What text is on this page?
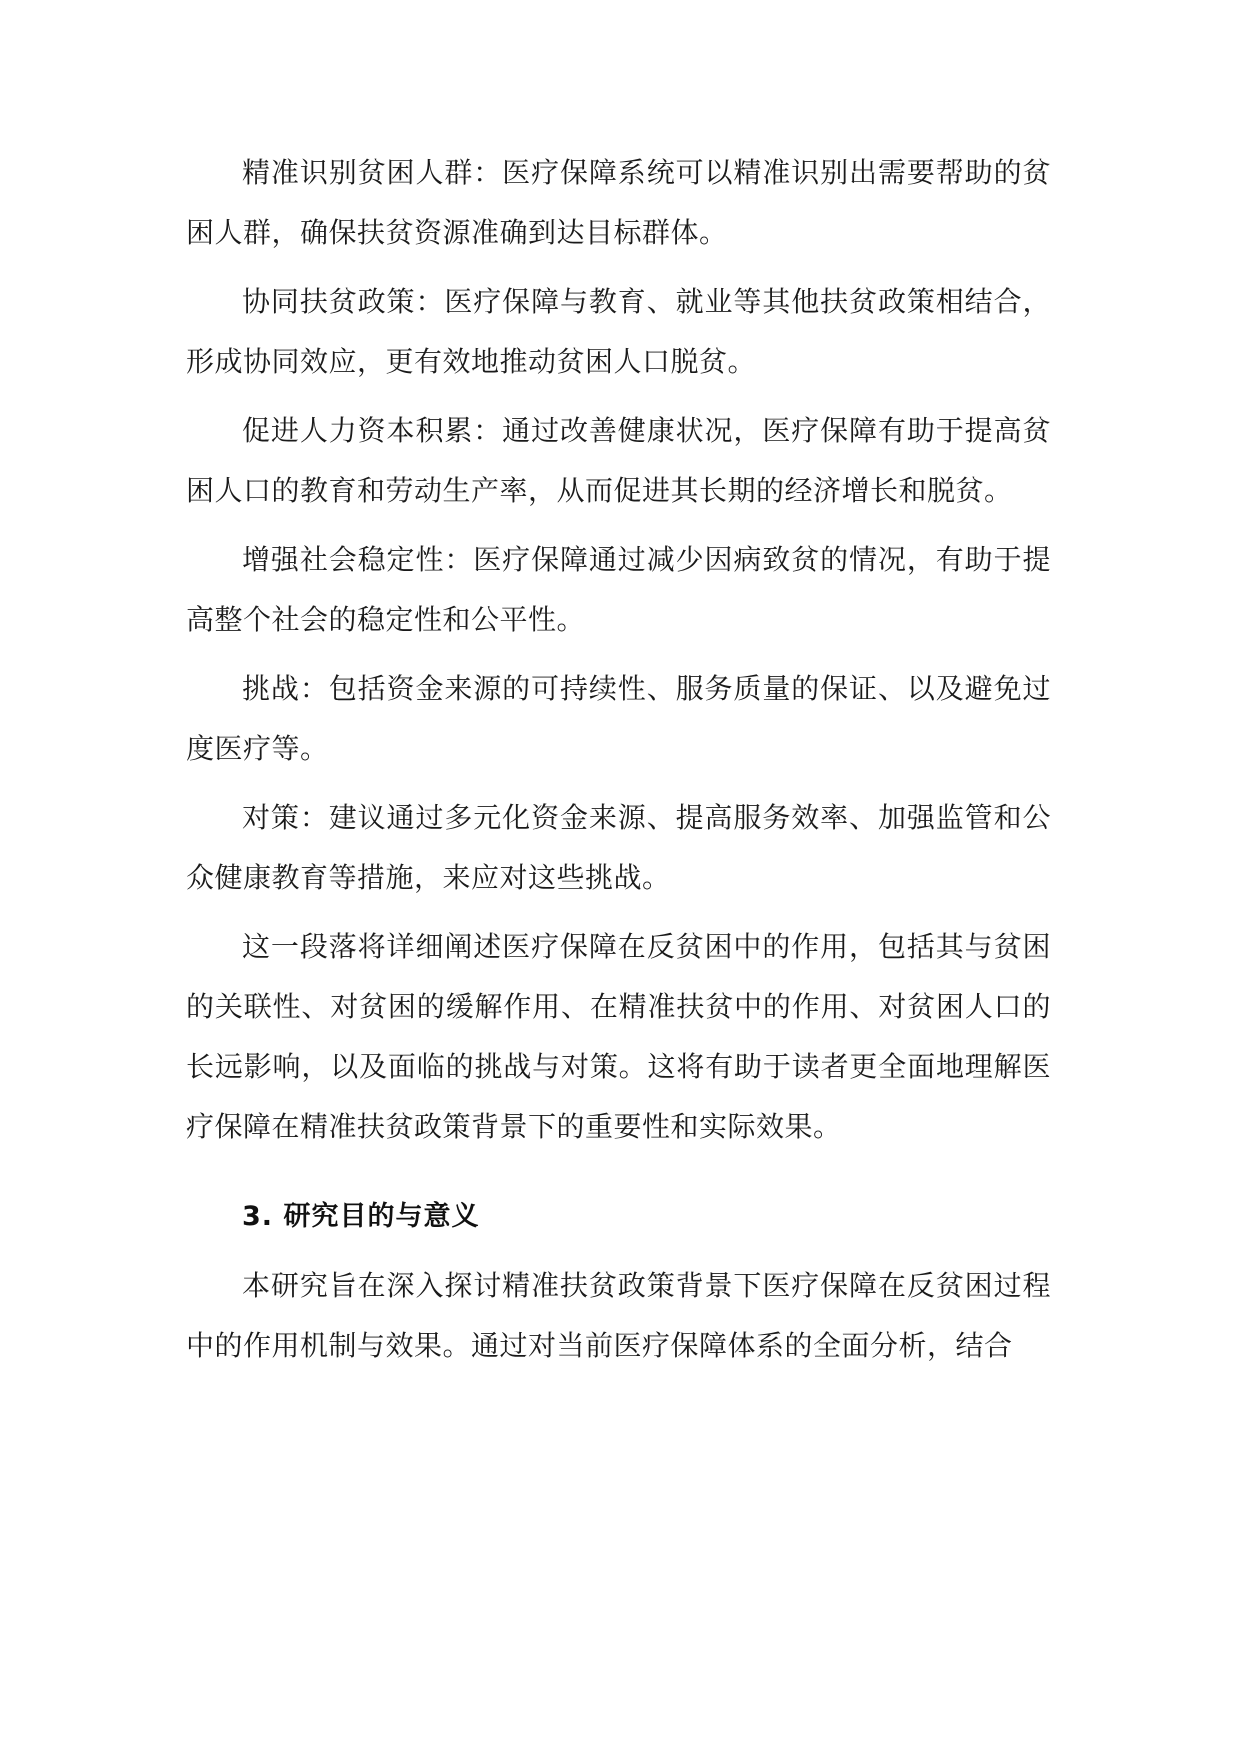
精准识别贫困人群：医疗保障系统可以精准识别出需要帮助的贫困人群，确保扶贫资源准确到达目标群体。

协同扶贫政策：医疗保障与教育、就业等其他扶贫政策相结合，形成协同效应，更有效地推动贫困人口脱贫。

促进人力资本积累：通过改善健康状况，医疗保障有助于提高贫困人口的教育和劳动生产率，从而促进其长期的经济增长和脱贫。

增强社会稳定性：医疗保障通过减少因病致贫的情况，有助于提高整个社会的稳定性和公平性。

挑战：包括资金来源的可持续性、服务质量的保证、以及避免过度医疗等。

对策：建议通过多元化资金来源、提高服务效率、加强监管和公众健康教育等措施，来应对这些挑战。

这一段落将详细阐述医疗保障在反贫困中的作用，包括其与贫困的关联性、对贫困的缓解作用、在精准扶贫中的作用、对贫困人口的长远影响，以及面临的挑战与对策。这将有助于读者更全面地理解医疗保障在精准扶贫政策背景下的重要性和实际效果。

3. 研究目的与意义

本研究旨在深入探讨精准扶贫政策背景下医疗保障在反贫困过程中的作用机制与效果。通过对当前医疗保障体系的全面分析，结合
